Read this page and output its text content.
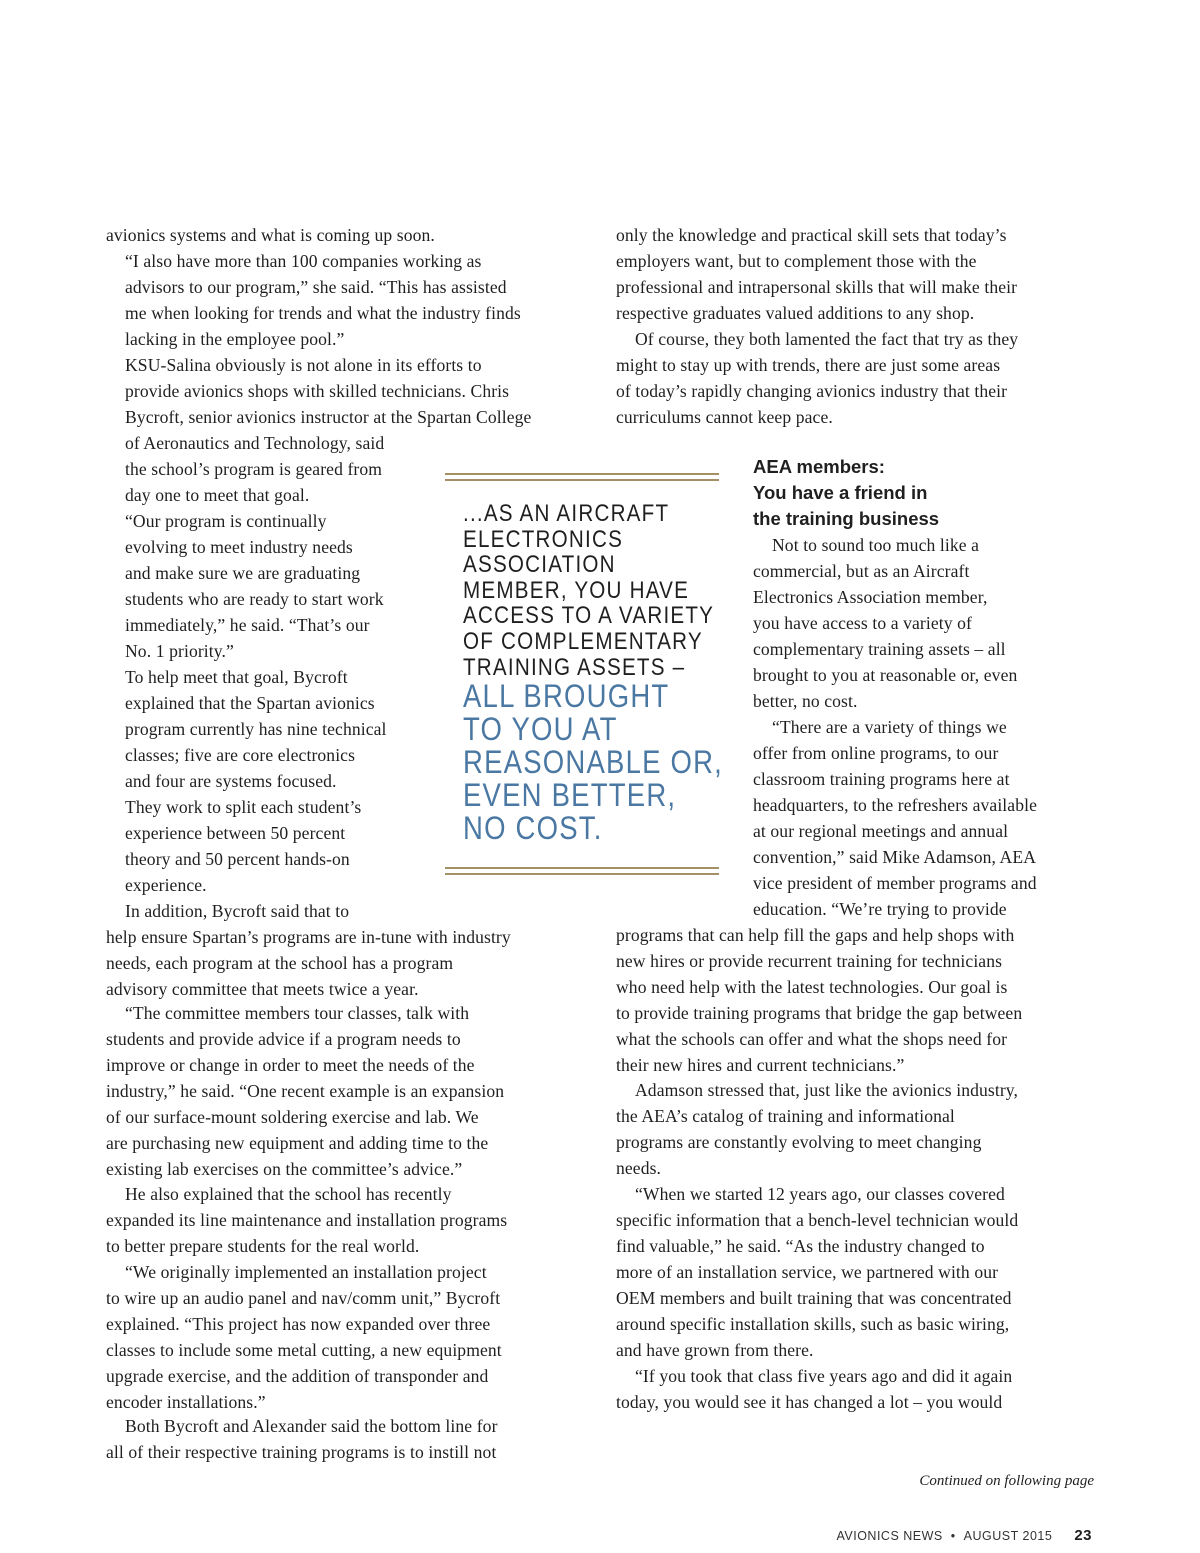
avionics systems and what is coming up soon.

“I also have more than 100 companies working as
advisors to our program,” she said. “This has assisted
me when looking for trends and what the industry finds
lacking in the employee pool.”

KSU-Salina obviously is not alone in its efforts to
provide avionics shops with skilled technicians. Chris
Bycroft, senior avionics instructor at the Spartan College
of Aeronautics and Technology, said
the school’s program is geared from
day one to meet that goal.

“Our program is continually
evolving to meet industry needs
and make sure we are graduating
students who are ready to start work
immediately,” he said. “That’s our
No. 1 priority.”

To help meet that goal, Bycroft
explained that the Spartan avionics
program currently has nine technical
classes; five are core electronics
and four are systems focused.
They work to split each student’s
experience between 50 percent
theory and 50 percent hands-on
experience.

In addition, Bycroft said that to
help ensure Spartan’s programs are in-tune with industry
needs, each program at the school has a program
advisory committee that meets twice a year.

“The committee members tour classes, talk with
students and provide advice if a program needs to
improve or change in order to meet the needs of the
industry,” he said. “One recent example is an expansion
of our surface-mount soldering exercise and lab. We
are purchasing new equipment and adding time to the
existing lab exercises on the committee’s advice.”

He also explained that the school has recently
expanded its line maintenance and installation programs
to better prepare students for the real world.

“We originally implemented an installation project
to wire up an audio panel and nav/comm unit,” Bycroft
explained. “This project has now expanded over three
classes to include some metal cutting, a new equipment
upgrade exercise, and the addition of transponder and
encoder installations.”

Both Bycroft and Alexander said the bottom line for
all of their respective training programs is to instill not

...AS AN AIRCRAFT
ELECTRONICS
ASSOCIATION
MEMBER, YOU HAVE
ACCESS TO A VARIETY
OF COMPLEMENTARY
TRAINING ASSETS –
ALL BROUGHT
TO YOU AT
REASONABLE OR,
EVEN BETTER,
NO COST.

only the knowledge and practical skill sets that today’s
employers want, but to complement those with the
professional and intrapersonal skills that will make their
respective graduates valued additions to any shop.

Of course, they both lamented the fact that try as they
might to stay up with trends, there are just some areas
of today’s rapidly changing avionics industry that their
curriculums cannot keep pace.

AEA members:
You have a friend in
the training business

Not to sound too much like a
commercial, but as an Aircraft
Electronics Association member,
you have access to a variety of
complementary training assets – all
brought to you at reasonable or, even
better, no cost.

“There are a variety of things we
offer from online programs, to our
classroom training programs here at
headquarters, to the refreshers available
at our regional meetings and annual
convention,” said Mike Adamson, AEA
vice president of member programs and
education. “We’re trying to provide

programs that can help fill the gaps and help shops with
new hires or provide recurrent training for technicians
who need help with the latest technologies. Our goal is
to provide training programs that bridge the gap between
what the schools can offer and what the shops need for
their new hires and current technicians.”

Adamson stressed that, just like the avionics industry,
the AEA’s catalog of training and informational
programs are constantly evolving to meet changing
needs.

“When we started 12 years ago, our classes covered
specific information that a bench-level technician would
find valuable,” he said. “As the industry changed to
more of an installation service, we partnered with our
OEM members and built training that was concentrated
around specific installation skills, such as basic wiring,
and have grown from there.

“If you took that class five years ago and did it again
today, you would see it has changed a lot – you would

Continued on following page
AVIONICS NEWS • AUGUST 2015 23
